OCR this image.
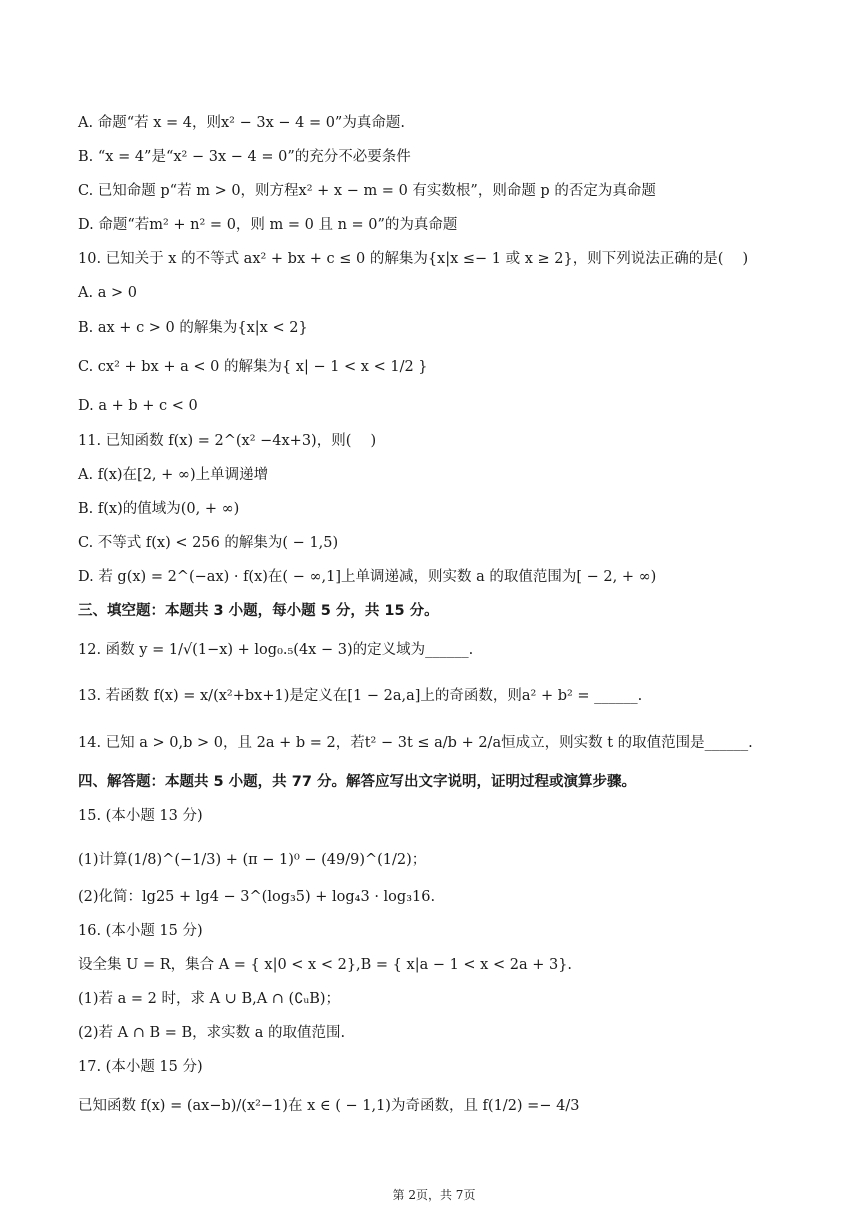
A. 命题“若 x = 4，则x² − 3x − 4 = 0”为真命题.
B. “x = 4”是“x² − 3x − 4 = 0”的充分不必要条件
C. 已知命题 p“若 m > 0，则方程x² + x − m = 0 有实数根”，则命题 p 的否定为真命题
D. 命题“若m² + n² = 0，则 m = 0 且 n = 0”的为真命题
10. 已知关于 x 的不等式 ax² + bx + c ≤ 0 的解集为{x|x ≤− 1 或 x ≥ 2}，则下列说法正确的是(　 )
A. a > 0
B. ax + c > 0 的解集为{x|x < 2}
C. cx² + bx + a < 0 的解集为{ x| − 1 < x < 1/2 }
D. a + b + c < 0
11. 已知函数 f(x) = 2^(x² −4x+3)，则(　 )
A. f(x)在[2, + ∞)上单调递增
B. f(x)的值域为(0, + ∞)
C. 不等式 f(x) < 256 的解集为( − 1,5)
D. 若 g(x) = 2^(−ax) · f(x)在( − ∞,1]上单调递减，则实数 a 的取值范围为[ − 2, + ∞)
三、填空题：本题共 3 小题，每小题 5 分，共 15 分。
12. 函数 y = 1/√(1−x) + log₀.₅(4x − 3)的定义域为______.
13. 若函数 f(x) = x/(x²+bx+1)是定义在[1 − 2a,a]上的奇函数，则a² + b² = ______.
14. 已知 a > 0,b > 0，且 2a + b = 2，若t² − 3t ≤ a/b + 2/a恒成立，则实数 t 的取值范围是______.
四、解答题：本题共 5 小题，共 77 分。解答应写出文字说明，证明过程或演算步骤。
15. (本小题 13 分)
(1)计算(1/8)^(−1/3) + (π − 1)⁰ − (49/9)^(1/2)；
(2)化简：lg25 + lg4 − 3^(log₃5) + log₄3 · log₃16.
16. (本小题 15 分)
设全集 U = R，集合 A = { x|0 < x < 2},B = { x|a − 1 < x < 2a + 3}.
(1)若 a = 2 时，求 A ∪ B,A ∩ (∁ᵤB)；
(2)若 A ∩ B = B，求实数 a 的取值范围.
17. (本小题 15 分)
已知函数 f(x) = (ax−b)/(x²−1)在 x ∈ ( − 1,1)为奇函数，且 f(1/2) =− 4/3
第 2页，共 7页
